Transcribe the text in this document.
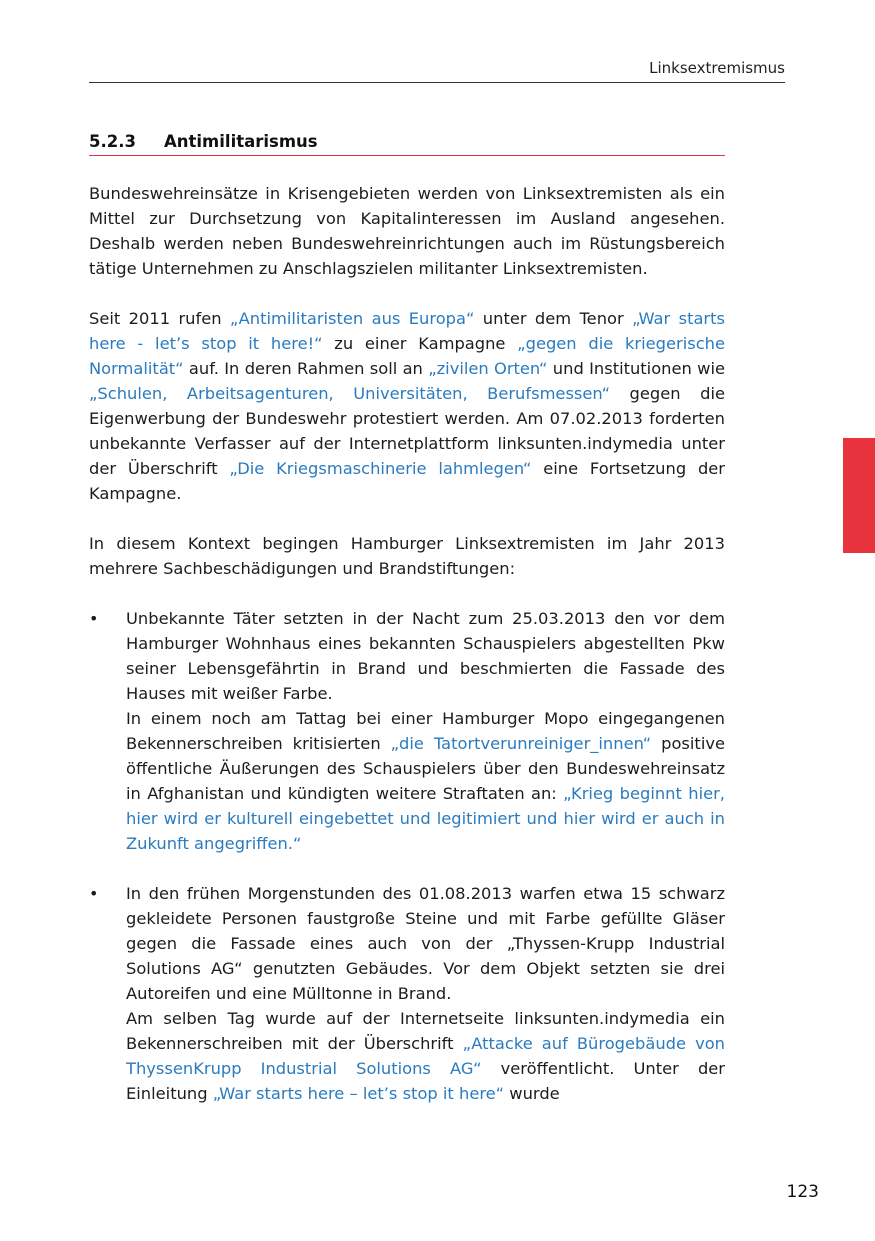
Linksextremismus
5.2.3 Antimilitarismus

Bundeswehreinsätze in Krisengebieten werden von Linksextremisten als ein Mittel zur Durchsetzung von Kapitalinteressen im Ausland angesehen. Deshalb werden neben Bundeswehreinrichtungen auch im Rüstungsbereich tätige Unternehmen zu Anschlagszielen militanter Linksextremisten.

Seit 2011 rufen „Antimilitaristen aus Europa“ unter dem Tenor „War starts here - let’s stop it here!“ zu einer Kampagne „gegen die kriegerische Normalität“ auf. In deren Rahmen soll an „zivilen Orten“ und Institutionen wie „Schulen, Arbeitsagenturen, Universitäten, Berufsmessen“ gegen die Eigenwerbung der Bundeswehr protestiert werden. Am 07.02.2013 forderten unbekannte Verfasser auf der Internetplattform linksunten.indymedia unter der Überschrift „Die Kriegsmaschinerie lahmlegen“ eine Fortsetzung der Kampagne.

In diesem Kontext begingen Hamburger Linksextremisten im Jahr 2013 mehrere Sachbeschädigungen und Brandstiftungen:

•	Unbekannte Täter setzten in der Nacht zum 25.03.2013 den vor dem Hamburger Wohnhaus eines bekannten Schauspielers abgestellten Pkw seiner Lebensgefährtin in Brand und beschmierten die Fassade des Hauses mit weißer Farbe.

In einem noch am Tattag bei einer Hamburger Mopo eingegangenen Bekennerschreiben kritisierten „die Tatortverunreiniger_innen“ positive öffentliche Äußerungen des Schauspielers über den Bundeswehreinsatz in Afghanistan und kündigten weitere Straftaten an: „Krieg beginnt hier, hier wird er kulturell eingebettet und legitimiert und hier wird er auch in Zukunft angegriffen.“

•	In den frühen Morgenstunden des 01.08.2013 warfen etwa 15 schwarz gekleidete Personen faustgroße Steine und mit Farbe gefüllte Gläser gegen die Fassade eines auch von der „Thyssen-Krupp Industrial Solutions AG“ genutzten Gebäudes. Vor dem Objekt setzten sie drei Autoreifen und eine Mülltonne in Brand.

Am selben Tag wurde auf der Internetseite linksunten.indymedia ein Bekennerschreiben mit der Überschrift „Attacke auf Bürogebäude von ThyssenKrupp Industrial Solutions AG“ veröffentlicht. Unter der Einleitung „War starts here – let’s stop it here“ wurde

123
